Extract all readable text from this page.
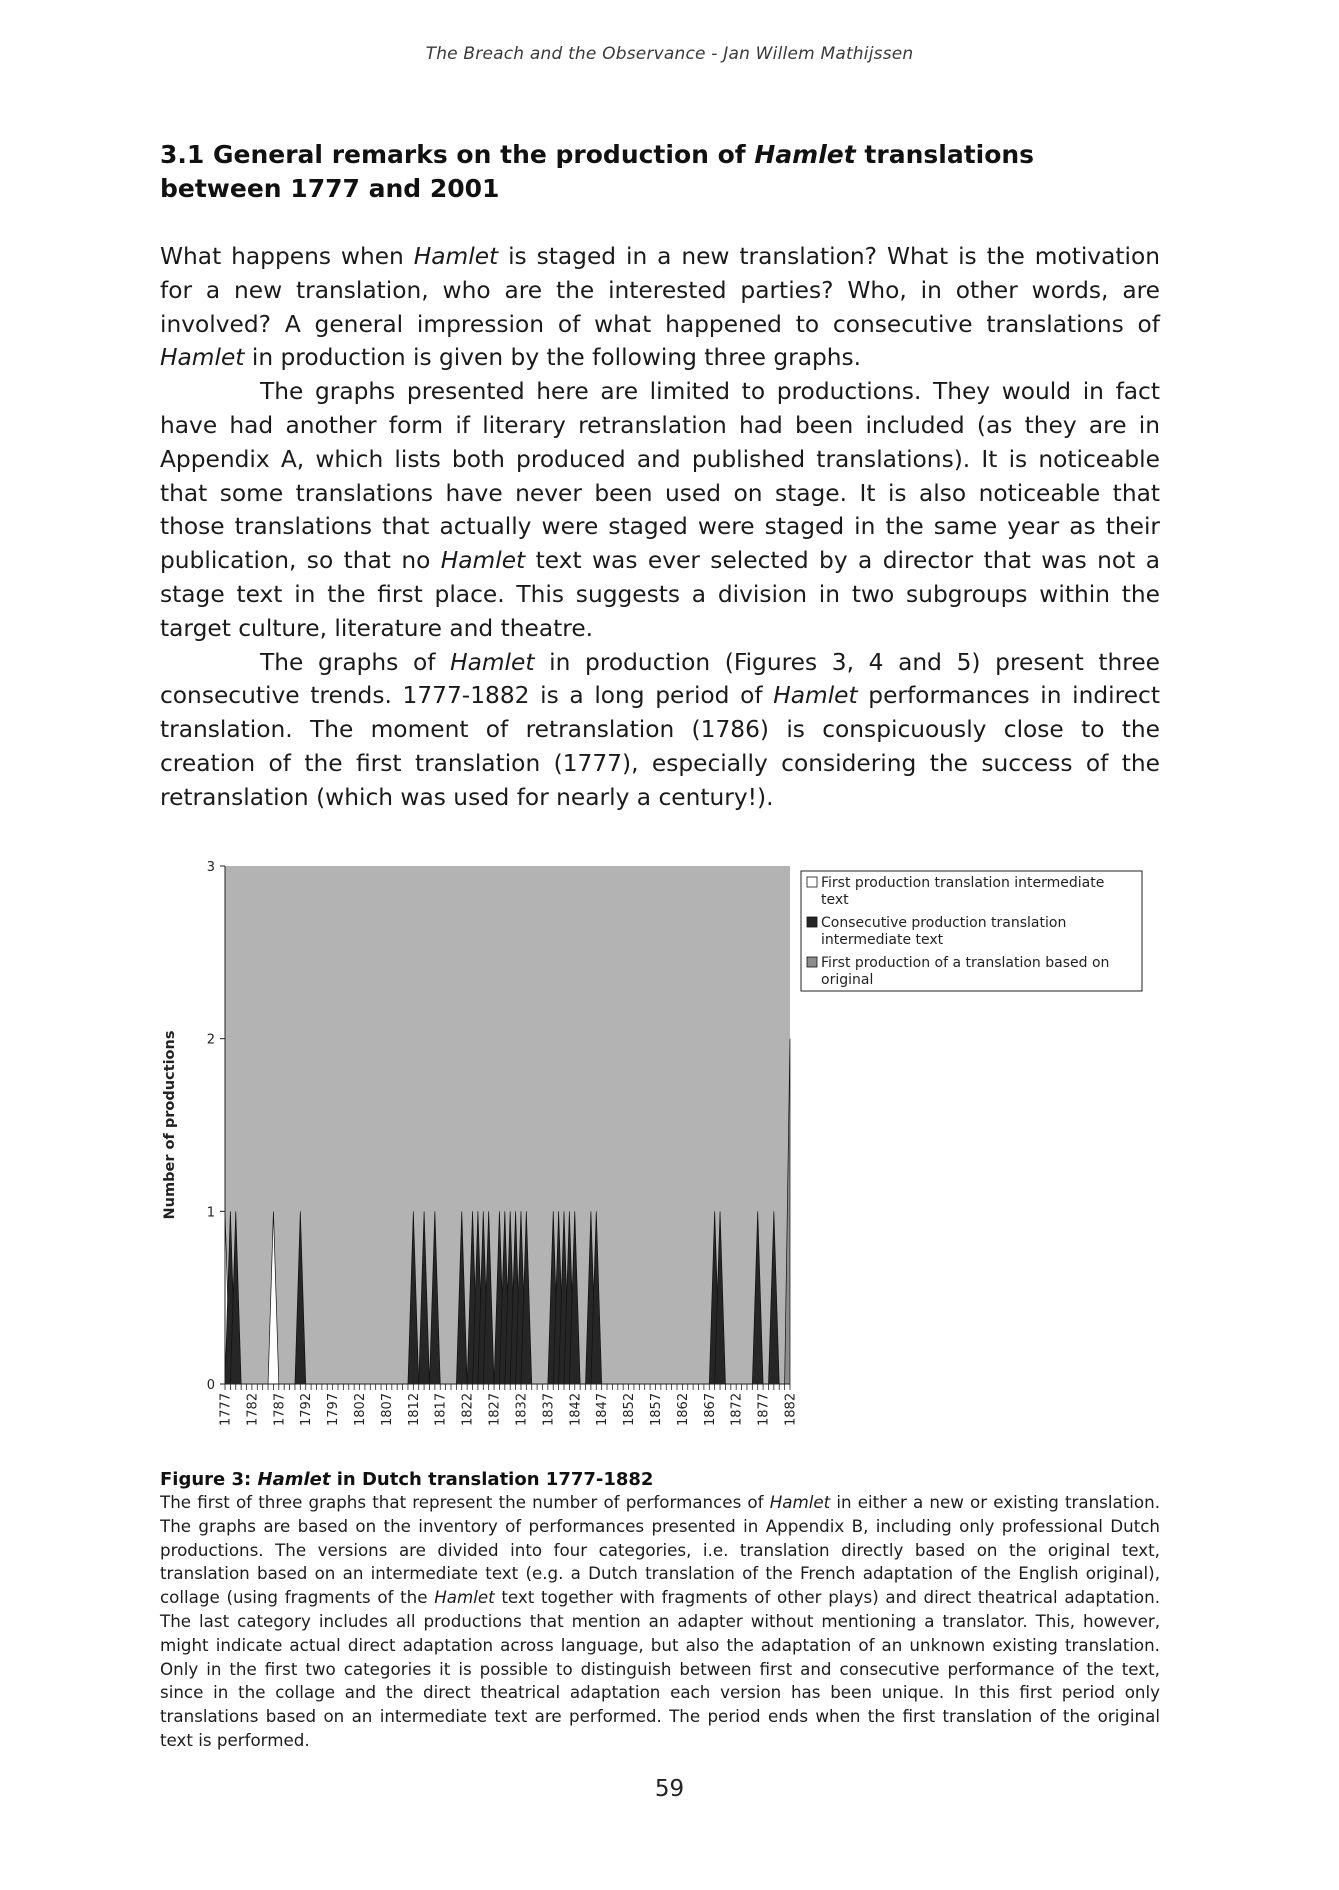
The Breach and the Observance - Jan Willem Mathijssen
3.1 General remarks on the production of Hamlet translations between 1777 and 2001

What happens when Hamlet is staged in a new translation? What is the motivation for a new translation, who are the interested parties? Who, in other words, are involved? A general impression of what happened to consecutive translations of Hamlet in production is given by the following three graphs.

The graphs presented here are limited to productions. They would in fact have had another form if literary retranslation had been included (as they are in Appendix A, which lists both produced and published translations). It is noticeable that some translations have never been used on stage. It is also noticeable that those translations that actually were staged were staged in the same year as their publication, so that no Hamlet text was ever selected by a director that was not a stage text in the first place. This suggests a division in two subgroups within the target culture, literature and theatre.

The graphs of Hamlet in production (Figures 3, 4 and 5) present three consecutive trends. 1777-1882 is a long period of Hamlet performances in indirect translation. The moment of retranslation (1786) is conspicuously close to the creation of the first translation (1777), especially considering the success of the retranslation (which was used for nearly a century!).

Number of productions
0
1
2
3
1777 1782 1787 1792 1797 1802 1807 1812 1817 1822 1827 1832 1837 1842 1847 1852 1857 1862 1867 1872 1877 1882
First production translation intermediate text
Consecutive production translation intermediate text
First production of a translation based on original
Figure 3: Hamlet in Dutch translation 1777-1882

The first of three graphs that represent the number of performances of Hamlet in either a new or existing translation. The graphs are based on the inventory of performances presented in Appendix B, including only professional Dutch productions. The versions are divided into four categories, i.e. translation directly based on the original text, translation based on an intermediate text (e.g. a Dutch translation of the French adaptation of the English original), collage (using fragments of the Hamlet text together with fragments of other plays) and direct theatrical adaptation. The last category includes all productions that mention an adapter without mentioning a translator. This, however, might indicate actual direct adaptation across language, but also the adaptation of an unknown existing translation. Only in the first two categories it is possible to distinguish between first and consecutive performance of the text, since in the collage and the direct theatrical adaptation each version has been unique. In this first period only translations based on an intermediate text are performed. The period ends when the first translation of the original text is performed.

59
